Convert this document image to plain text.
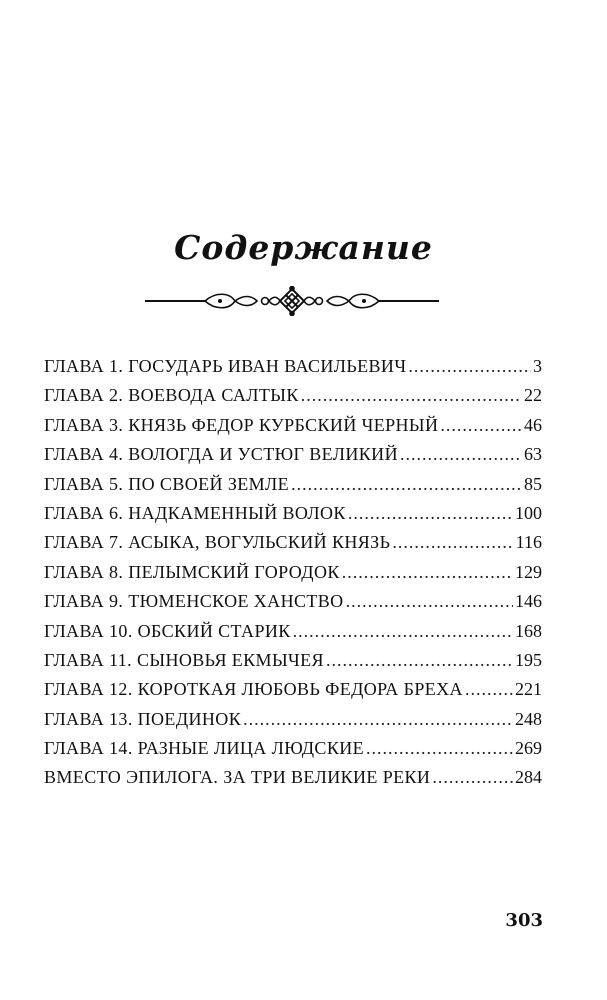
Содержание
ГЛАВА 1. ГОСУДАРЬ ИВАН ВАСИЛЬЕВИЧ .....	3
ГЛАВА 2. ВОЕВОДА САЛТЫК .....	22
ГЛАВА 3. КНЯЗЬ ФЕДОР КУРБСКИЙ ЧЕРНЫЙ .....	46
ГЛАВА 4. ВОЛОГДА И УСТЮГ ВЕЛИКИЙ .....	63
ГЛАВА 5. ПО СВОЕЙ ЗЕМЛЕ .....	85
ГЛАВА 6. НАДКАМЕННЫЙ ВОЛОК .....	100
ГЛАВА 7. АСЫКА, ВОГУЛЬСКИЙ КНЯЗЬ .....	116
ГЛАВА 8. ПЕЛЫМСКИЙ ГОРОДОК .....	129
ГЛАВА 9. ТЮМЕНСКОЕ ХАНСТВО .....	146
ГЛАВА 10. ОБСКИЙ СТАРИК .....	168
ГЛАВА 11. СЫНОВЬЯ ЕКМЫЧЕЯ .....	195
ГЛАВА 12. КОРОТКАЯ ЛЮБОВЬ ФЕДОРА БРЕХА .....	221
ГЛАВА 13. ПОЕДИНОК .....	248
ГЛАВА 14. РАЗНЫЕ ЛИЦА ЛЮДСКИЕ .....	269
ВМЕСТО ЭПИЛОГА. ЗА ТРИ ВЕЛИКИЕ РЕКИ .....	284
303
